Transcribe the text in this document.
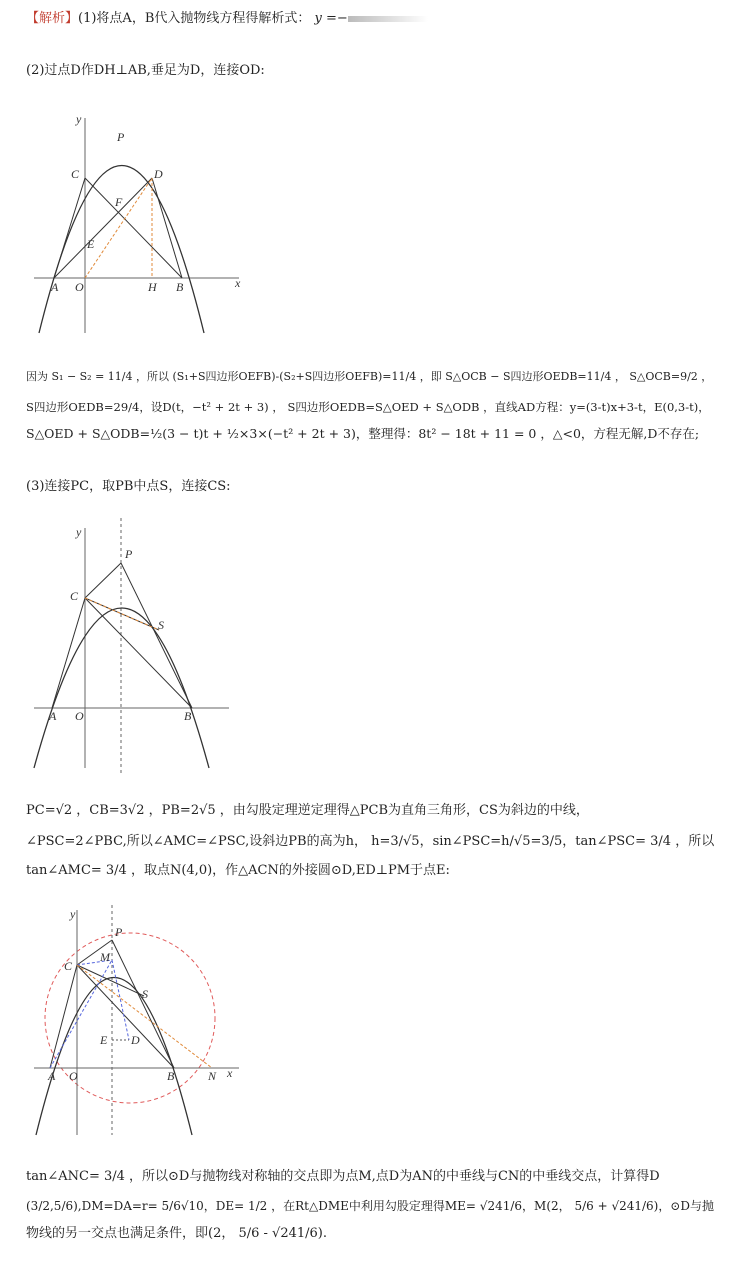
【解析】(1)将点A，B代入抛物线方程得解析式： y =−
(2)过点D作DH⊥AB,垂足为D，连接OD:
y
P
C	D
F
E
A O	H B	x
因为 S₁ − S₂ = 11/4 ，所以 (S₁+S四边形OEFB)-(S₂+S四边形OEFB)=11/4 ，即 S△OCB − S四边形OEDB=11/4 ， S△OCB=9/2 ，
S四边形OEDB=29/4，设D(t，−t² + 2t + 3) ， S四边形OEDB=S△OED + S△ODB ，直线AD方程：y=(3-t)x+3-t，E(0,3-t)，
S△OED + S△ODB=½(3 − t)t + ½×3×(−t² + 2t + 3)，整理得：8t² − 18t + 11 = 0 ，△<0，方程无解,D不存在;
(3)连接PC，取PB中点S，连接CS:
y
P
C
S
A O	B
PC=√2 ，CB=3√2 ，PB=2√5 ，由勾股定理逆定理得△PCB为直角三角形，CS为斜边的中线，
∠PSC=2∠PBC,所以∠AMC=∠PSC,设斜边PB的高为h， h=3/√5，sin∠PSC=h/√5=3/5，tan∠PSC= 3/4 ，所以
tan∠AMC= 3/4 ，取点N(4,0)，作△ACN的外接圆⊙D,ED⊥PM于点E:
y
P
C
M
S
E D
A O	B	N x
tan∠ANC= 3/4 ，所以⊙D与抛物线对称轴的交点即为点M,点D为AN的中垂线与CN的中垂线交点，计算得D
(3/2,5/6),DM=DA=r= 5/6√10，DE= 1/2 ，在Rt△DME中利用勾股定理得ME= √241/6，M(2， 5/6 + √241/6)，⊙D与抛
物线的另一交点也满足条件，即(2， 5/6 - √241/6).
